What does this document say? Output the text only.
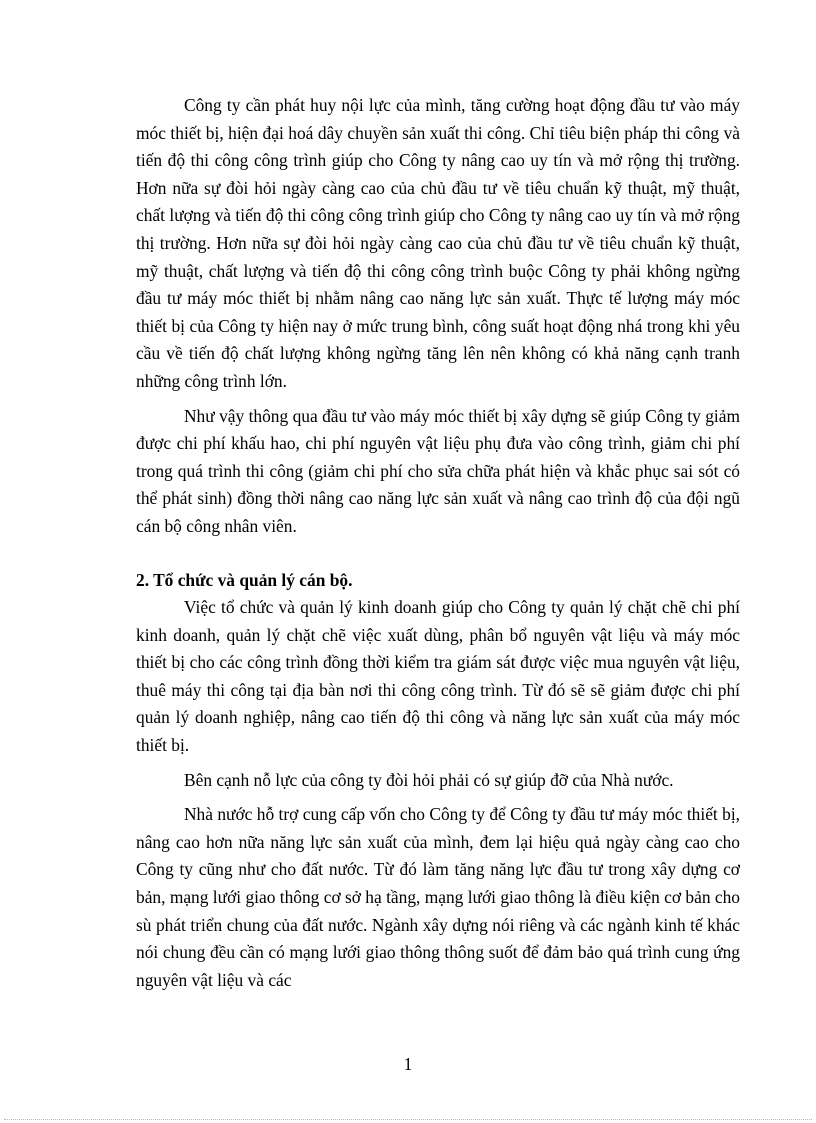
Công ty cần phát huy nội lực của mình, tăng cường hoạt động đầu tư vào máy móc thiết bị, hiện đại hoá dây chuyền sản xuất thi công. Chỉ tiêu biện pháp thi công và tiến độ thi công công trình giúp cho Công ty nâng cao uy tín và mở rộng thị trường. Hơn nữa sự đòi hỏi ngày càng cao của chủ đầu tư về tiêu chuẩn kỹ thuật, mỹ thuật, chất lượng và tiến độ thi công công trình giúp cho Công ty nâng cao uy tín và mở rộng thị trường. Hơn nữa sự đòi hỏi ngày càng cao của chủ đầu tư về tiêu chuẩn kỹ thuật, mỹ thuật, chất lượng và tiến độ thi công công trình buộc Công ty phải không ngừng đầu tư máy móc thiết bị nhằm nâng cao năng lực sản xuất. Thực tế lượng máy móc thiết bị của Công ty hiện nay ở mức trung bình, công suất hoạt động nhá trong khi yêu cầu về tiến độ chất lượng không ngừng tăng lên nên không có khả năng cạnh tranh những công trình lớn.

Như vậy thông qua đầu tư vào máy móc thiết bị xây dựng sẽ giúp Công ty giảm được chi phí khấu hao, chi phí nguyên vật liệu phụ đưa vào công trình, giảm chi phí trong quá trình thi công (giảm chi phí cho sửa chữa phát hiện và khắc phục sai sót có thể phát sinh) đồng thời nâng cao năng lực sản xuất và nâng cao trình độ của đội ngũ cán bộ công nhân viên.

2. Tổ chức và quản lý cán bộ.

Việc tổ chức và quản lý kinh doanh giúp cho Công ty quản lý chặt chẽ chi phí kinh doanh, quản lý chặt chẽ việc xuất dùng, phân bổ nguyên vật liệu và máy móc thiết bị cho các công trình đồng thời kiểm tra giám sát được việc mua nguyên vật liệu, thuê máy thi công tại địa bàn nơi thi công công trình. Từ đó sẽ sẽ giảm được chi phí quản lý doanh nghiệp, nâng cao tiến độ thi công và năng lực sản xuất của máy móc thiết bị.

Bên cạnh nỗ lực của công ty đòi hỏi phải có sự giúp đỡ của Nhà nước.

Nhà nước hỗ trợ cung cấp vốn cho Công ty để Công ty đầu tư máy móc thiết bị, nâng cao hơn nữa năng lực sản xuất của mình, đem lại hiệu quả ngày càng cao cho Công ty cũng như cho đất nước. Từ đó làm tăng năng lực đầu tư trong xây dựng cơ bản, mạng lưới giao thông cơ sở hạ tầng, mạng lưới giao thông là điều kiện cơ bản cho sù phát triển chung của đất nước. Ngành xây dựng nói riêng và các ngành kinh tế khác nói chung đều cần có mạng lưới giao thông thông suốt để đảm bảo quá trình cung ứng nguyên vật liệu và các

1
